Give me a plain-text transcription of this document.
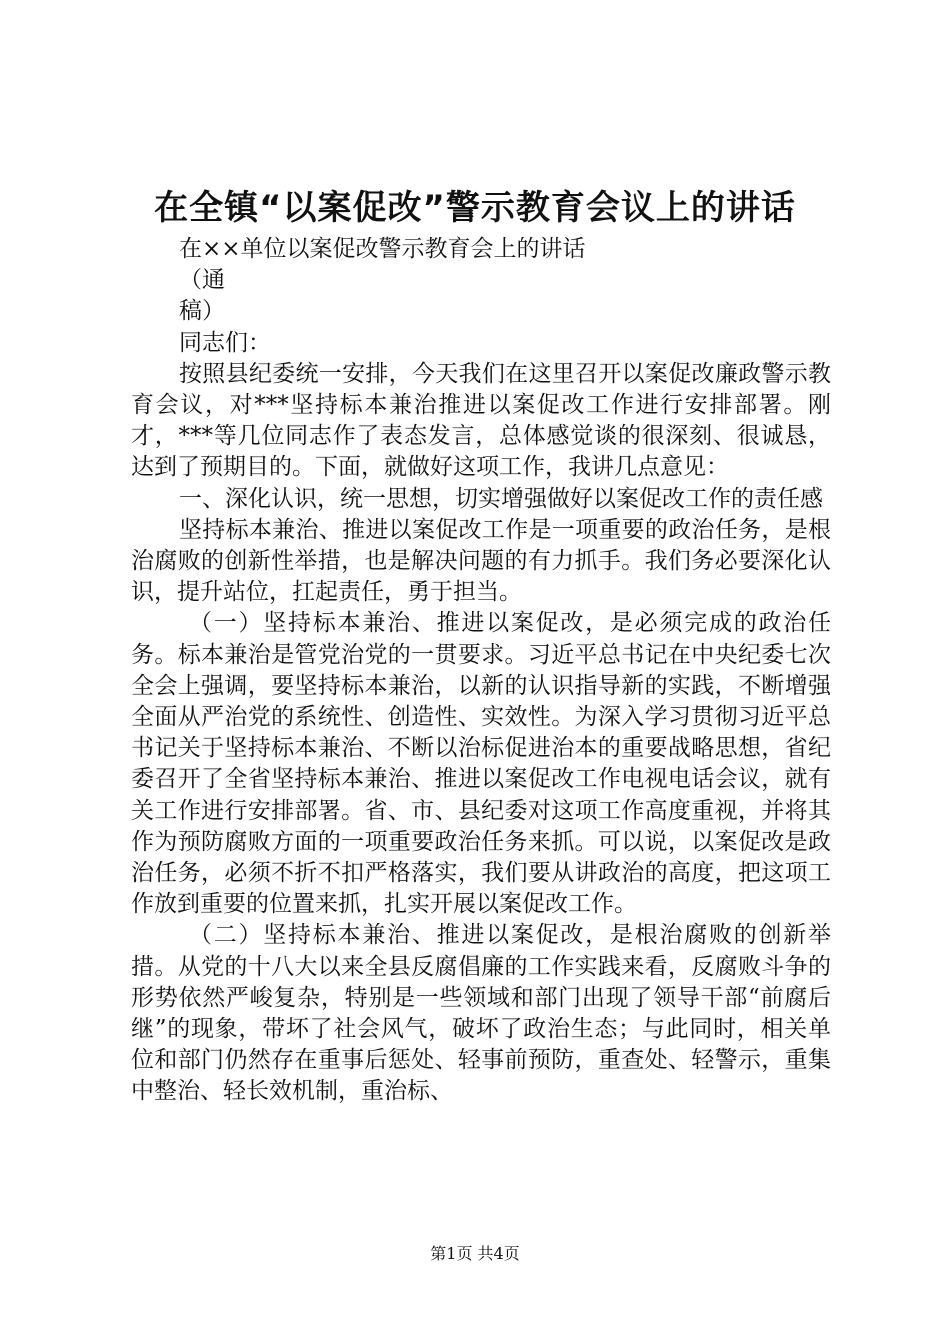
在全镇“以案促改”警示教育会议上的讲话

在××单位以案促改警示教育会上的讲话

（通

稿）

同志们：

按照县纪委统一安排，今天我们在这里召开以案促改廉政警示教育会议，对***坚持标本兼治推进以案促改工作进行安排部署。刚才，***等几位同志作了表态发言，总体感觉谈的很深刻、很诚恳，达到了预期目的。下面，就做好这项工作，我讲几点意见：

一、深化认识，统一思想，切实增强做好以案促改工作的责任感

坚持标本兼治、推进以案促改工作是一项重要的政治任务，是根治腐败的创新性举措，也是解决问题的有力抓手。我们务必要深化认识，提升站位，扛起责任，勇于担当。

（一）坚持标本兼治、推进以案促改，是必须完成的政治任务。标本兼治是管党治党的一贯要求。习近平总书记在中央纪委七次全会上强调，要坚持标本兼治，以新的认识指导新的实践，不断增强全面从严治党的系统性、创造性、实效性。为深入学习贯彻习近平总书记关于坚持标本兼治、不断以治标促进治本的重要战略思想，省纪委召开了全省坚持标本兼治、推进以案促改工作电视电话会议，就有关工作进行安排部署。省、市、县纪委对这项工作高度重视，并将其作为预防腐败方面的一项重要政治任务来抓。可以说，以案促改是政治任务，必须不折不扣严格落实，我们要从讲政治的高度，把这项工作放到重要的位置来抓，扎实开展以案促改工作。

（二）坚持标本兼治、推进以案促改，是根治腐败的创新举措。从党的十八大以来全县反腐倡廉的工作实践来看，反腐败斗争的形势依然严峻复杂，特别是一些领域和部门出现了领导干部“前腐后继”的现象，带坏了社会风气，破坏了政治生态；与此同时，相关单位和部门仍然存在重事后惩处、轻事前预防，重查处、轻警示，重集中整治、轻长效机制，重治标、

第1页 共4页
